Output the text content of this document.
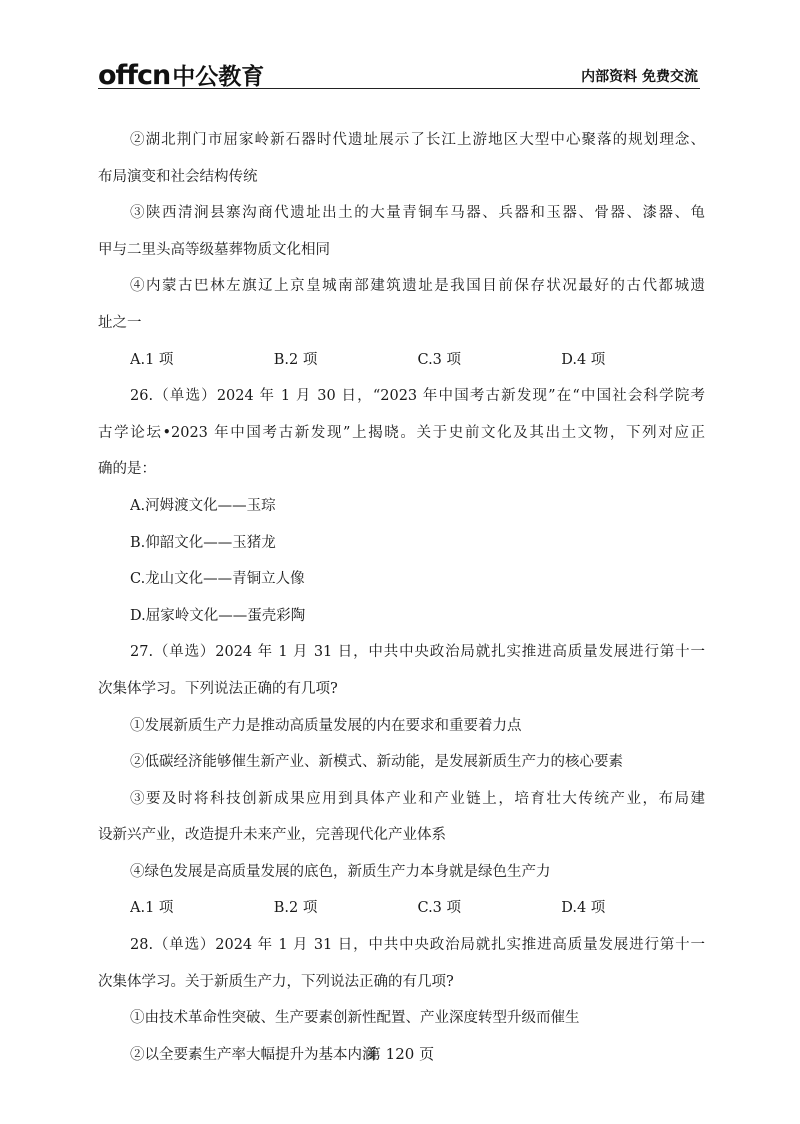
offcn 中公教育	内部资料 免费交流
②湖北荆门市屈家岭新石器时代遗址展示了长江上游地区大型中心聚落的规划理念、
布局演变和社会结构传统
③陕西清涧县寨沟商代遗址出土的大量青铜车马器、兵器和玉器、骨器、漆器、龟
甲与二里头高等级墓葬物质文化相同
④内蒙古巴林左旗辽上京皇城南部建筑遗址是我国目前保存状况最好的古代都城遗
址之一
A.1 项	B.2 项	C.3 项	D.4 项
26.（单选）2024 年 1 月 30 日，“2023 年中国考古新发现”在“中国社会科学院考
古学论坛•2023 年中国考古新发现”上揭晓。关于史前文化及其出土文物，下列对应正
确的是：
A.河姆渡文化——玉琮
B.仰韶文化——玉猪龙
C.龙山文化——青铜立人像
D.屈家岭文化——蛋壳彩陶
27.（单选）2024 年 1 月 31 日，中共中央政治局就扎实推进高质量发展进行第十一
次集体学习。下列说法正确的有几项?
①发展新质生产力是推动高质量发展的内在要求和重要着力点
②低碳经济能够催生新产业、新模式、新动能，是发展新质生产力的核心要素
③要及时将科技创新成果应用到具体产业和产业链上，培育壮大传统产业，布局建
设新兴产业，改造提升未来产业，完善现代化产业体系
④绿色发展是高质量发展的底色，新质生产力本身就是绿色生产力
A.1 项	B.2 项	C.3 项	D.4 项
28.（单选）2024 年 1 月 31 日，中共中央政治局就扎实推进高质量发展进行第十一
次集体学习。关于新质生产力，下列说法正确的有几项?
①由技术革命性突破、生产要素创新性配置、产业深度转型升级而催生
②以全要素生产率大幅提升为基本内涵
第 120 页
